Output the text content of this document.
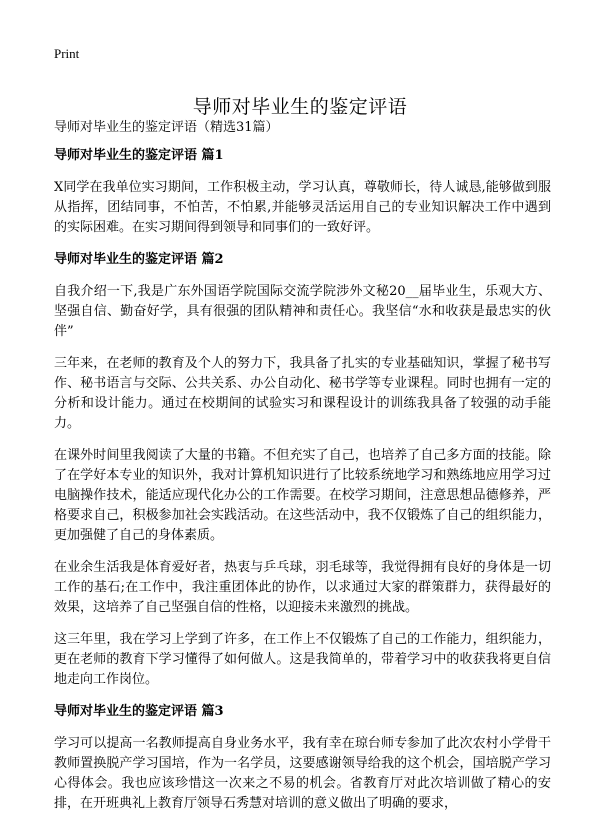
Print
导师对毕业生的鉴定评语

导师对毕业生的鉴定评语（精选31篇）

导师对毕业生的鉴定评语 篇1

X同学在我单位实习期间，工作积极主动，学习认真，尊敬师长，待人诚恳,能够做到服从指挥，团结同事，不怕苦，不怕累,并能够灵活运用自己的专业知识解决工作中遇到的实际困难。在实习期间得到领导和同事们的一致好评。

导师对毕业生的鉴定评语 篇2

自我介绍一下,我是广东外国语学院国际交流学院涉外文秘20__届毕业生，乐观大方、坚强自信、勤奋好学，具有很强的团队精神和责任心。我坚信“水和收获是最忠实的伙伴”

三年来，在老师的教育及个人的努力下，我具备了扎实的专业基础知识，掌握了秘书写作、秘书语言与交际、公共关系、办公自动化、秘书学等专业课程。同时也拥有一定的分析和设计能力。通过在校期间的试验实习和课程设计的训练我具备了较强的动手能力。

在课外时间里我阅读了大量的书籍。不但充实了自己，也培养了自己多方面的技能。除了在学好本专业的知识外，我对计算机知识进行了比较系统地学习和熟练地应用学习过电脑操作技术，能适应现代化办公的工作需要。在校学习期间，注意思想品德修养，严格要求自己，积极参加社会实践活动。在这些活动中，我不仅锻炼了自己的组织能力，更加强健了自己的身体素质。

在业余生活我是体育爱好者，热衷与乒乓球，羽毛球等，我觉得拥有良好的身体是一切工作的基石;在工作中，我注重团体此的协作，以求通过大家的群策群力，获得最好的效果，这培养了自己坚强自信的性格，以迎接未来激烈的挑战。

这三年里，我在学习上学到了许多，在工作上不仅锻炼了自己的工作能力，组织能力，更在老师的教育下学习懂得了如何做人。这是我简单的，带着学习中的收获我将更自信地走向工作岗位。

导师对毕业生的鉴定评语 篇3

学习可以提高一名教师提高自身业务水平，我有幸在琼台师专参加了此次农村小学骨干教师置换脱产学习国培，作为一名学员，这要感谢领导给我的这个机会，国培脱产学习心得体会。我也应该珍惜这一次来之不易的机会。省教育厅对此次培训做了精心的安排，在开班典礼上教育厅领导石秀慧对培训的意义做出了明确的要求，
